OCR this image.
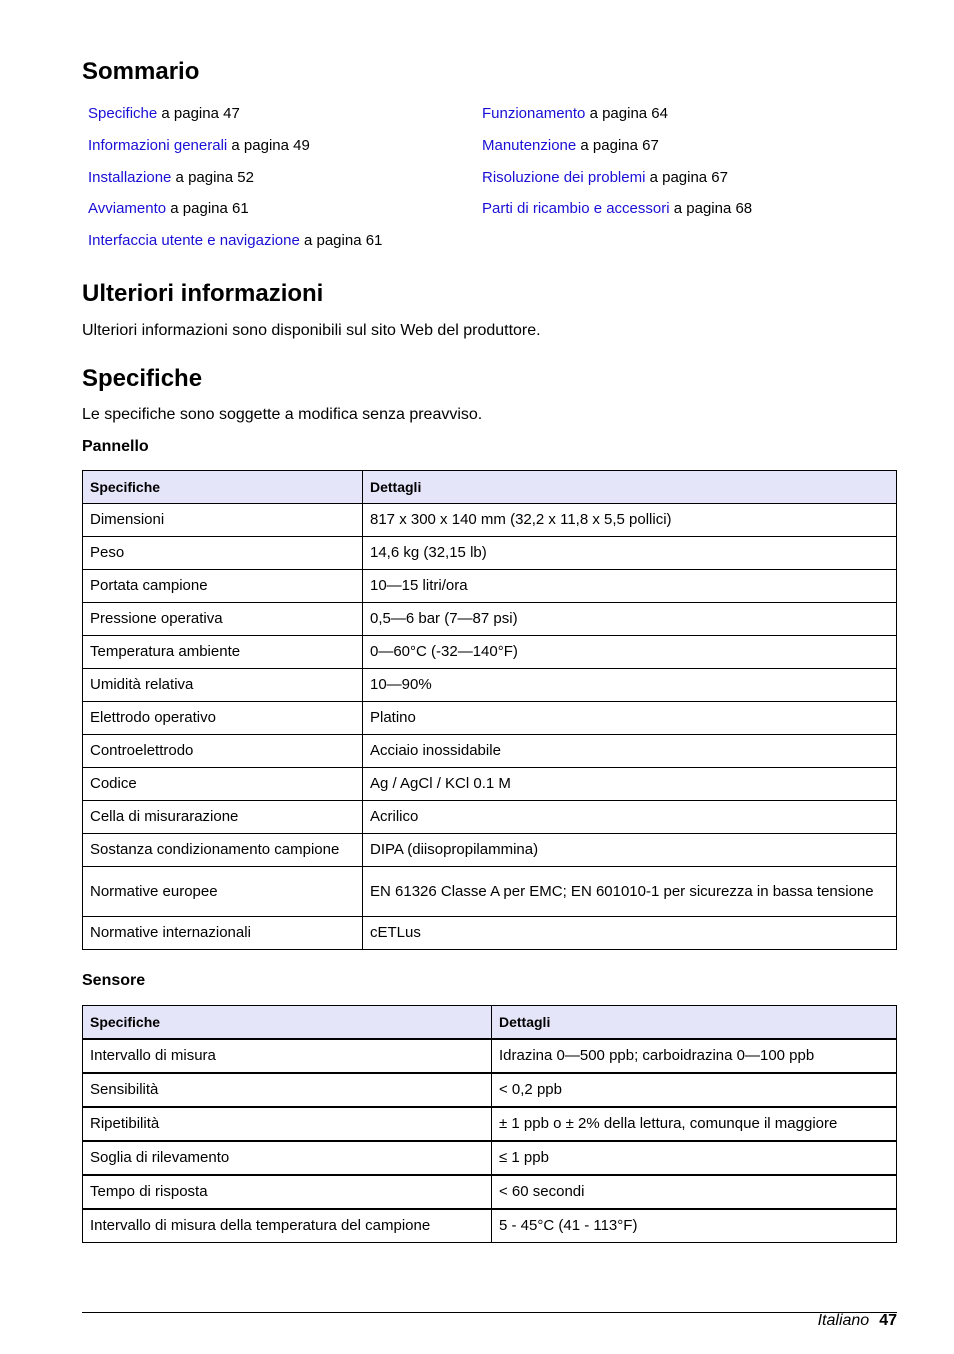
Sommario
Specifiche a pagina 47
Informazioni generali a pagina 49
Installazione a pagina 52
Avviamento a pagina 61
Interfaccia utente e navigazione a pagina 61
Funzionamento a pagina 64
Manutenzione a pagina 67
Risoluzione dei problemi a pagina 67
Parti di ricambio e accessori a pagina 68
Ulteriori informazioni

Ulteriori informazioni sono disponibili sul sito Web del produttore.

Specifiche

Le specifiche sono soggette a modifica senza preavviso.

Pannello
Specifiche	Dettagli
Dimensioni	817 x 300 x 140 mm (32,2 x 11,8 x 5,5 pollici)
Peso	14,6 kg (32,15 lb)
Portata campione	10—15 litri/ora
Pressione operativa	0,5—6 bar (7—87 psi)
Temperatura ambiente	0—60°C (-32—140°F)
Umidità relativa	10—90%
Elettrodo operativo	Platino
Controelettrodo	Acciaio inossidabile
Codice	Ag / AgCl / KCl 0.1 M
Cella di misurarazione	Acrilico
Sostanza condizionamento campione	DIPA (diisopropilammina)
Normative europee	EN 61326 Classe A per EMC; EN 601010-1 per sicurezza in bassa tensione
Normative internazionali	cETLus
Sensore
Specifiche	Dettagli
Intervallo di misura	Idrazina 0—500 ppb; carboidrazina 0—100 ppb
Sensibilità	< 0,2 ppb
Ripetibilità	± 1 ppb o ± 2% della lettura, comunque il maggiore
Soglia di rilevamento	≤ 1 ppb
Tempo di risposta	< 60 secondi
Intervallo di misura della temperatura del campione	5 - 45°C (41 - 113°F)
Italiano 47
